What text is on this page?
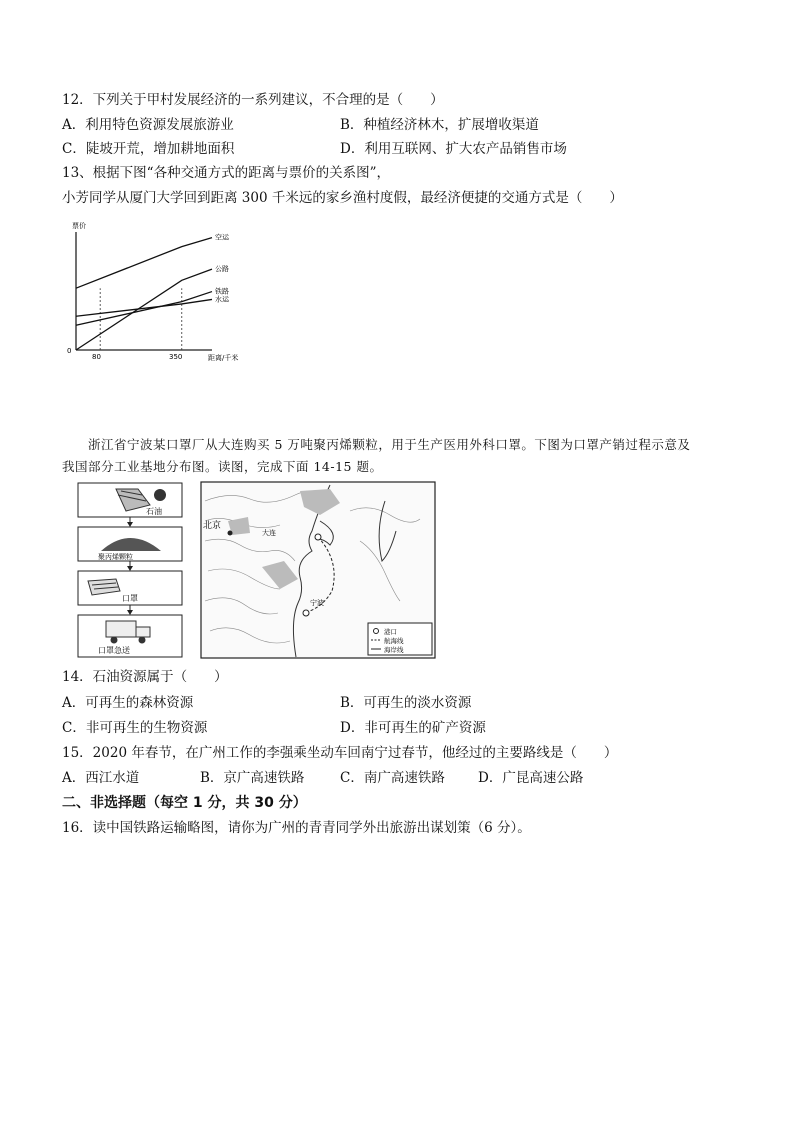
12．下列关于甲村发展经济的一系列建议，不合理的是（　　）
A．利用特色资源发展旅游业	B．种植经济林木，扩展增收渠道
C．陡坡开荒，增加耕地面积	D．利用互联网、扩大农产品销售市场
13、根据下图“各种交通方式的距离与票价的关系图”，
小芳同学从厦门大学回到距离 300 千米远的家乡渔村度假，最经济便捷的交通方式是（　　）
票价
距离/千米
0
80	350
空运
公路
铁路
水运
浙江省宁波某口罩厂从大连购买 5 万吨聚丙烯颗粒，用于生产医用外科口罩。下图为口罩产销过程示意及
我国部分工业基地分布图。读图，完成下面 14-15 题。
石油
聚丙烯颗粒
口罩
口罩急送
北京
大连
宁波
港口
航海线
海岸线
14．石油资源属于（　　）
A．可再生的森林资源	B．可再生的淡水资源
C．非可再生的生物资源	D．非可再生的矿产资源
15．2020 年春节，在广州工作的李强乘坐动车回南宁过春节，他经过的主要路线是（　　）
A．西江水道	B．京广高速铁路	C．南广高速铁路 D．广昆高速公路
二、非选择题（每空 1 分，共 30 分）
16．读中国铁路运输略图，请你为广州的青青同学外出旅游出谋划策（6 分）。
